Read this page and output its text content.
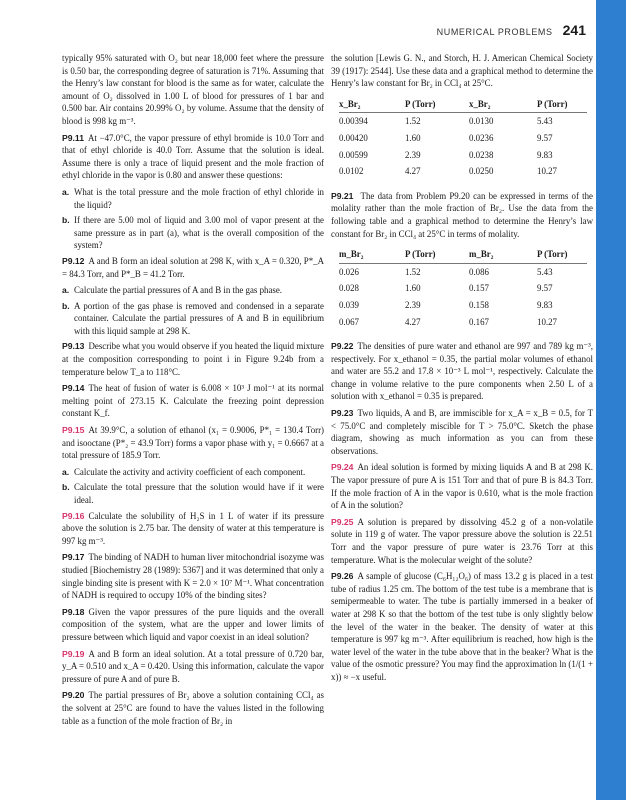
NUMERICAL PROBLEMS 241

typically 95% saturated with O₂ but near 18,000 feet where the pressure is 0.50 bar, the corresponding degree of saturation is 71%. Assuming that the Henry’s law constant for blood is the same as for water, calculate the amount of O₂ dissolved in 1.00 L of blood for pressures of 1 bar and 0.500 bar. Air contains 20.99% O₂ by volume. Assume that the density of blood is 998 kg m⁻³.

P9.11 At −47.0°C, the vapor pressure of ethyl bromide is 10.0 Torr and that of ethyl chloride is 40.0 Torr. Assume that the solution is ideal. Assume there is only a trace of liquid present and the mole fraction of ethyl chloride in the vapor is 0.80 and answer these questions:

a. What is the total pressure and the mole fraction of ethyl chloride in the liquid?
b. If there are 5.00 mol of liquid and 3.00 mol of vapor present at the same pressure as in part (a), what is the overall composition of the system?

P9.12 A and B form an ideal solution at 298 K, with x_A = 0.320, P*_A = 84.3 Torr, and P*_B = 41.2 Torr.

a. Calculate the partial pressures of A and B in the gas phase.
b. A portion of the gas phase is removed and condensed in a separate container. Calculate the partial pressures of A and B in equilibrium with this liquid sample at 298 K.

P9.13 Describe what you would observe if you heated the liquid mixture at the composition corresponding to point i in Figure 9.24b from a temperature below T_a to 118°C.

P9.14 The heat of fusion of water is 6.008 × 10³ J mol⁻¹ at its normal melting point of 273.15 K. Calculate the freezing point depression constant K_f.

P9.15 At 39.9°C, a solution of ethanol (x₁ = 0.9006, P*₁ = 130.4 Torr) and isooctane (P*₂ = 43.9 Torr) forms a vapor phase with y₁ = 0.6667 at a total pressure of 185.9 Torr.

a. Calculate the activity and activity coefficient of each component.
b. Calculate the total pressure that the solution would have if it were ideal.

P9.16 Calculate the solubility of H₂S in 1 L of water if its pressure above the solution is 2.75 bar. The density of water at this temperature is 997 kg m⁻³.

P9.17 The binding of NADH to human liver mitochondrial isozyme was studied [Biochemistry 28 (1989): 5367] and it was determined that only a single binding site is present with K = 2.0 × 10⁷ M⁻¹. What concentration of NADH is required to occupy 10% of the binding sites?

P9.18 Given the vapor pressures of the pure liquids and the overall composition of the system, what are the upper and lower limits of pressure between which liquid and vapor coexist in an ideal solution?

P9.19 A and B form an ideal solution. At a total pressure of 0.720 bar, y_A = 0.510 and x_A = 0.420. Using this information, calculate the vapor pressure of pure A and of pure B.

P9.20 The partial pressures of Br₂ above a solution containing CCl₄ as the solvent at 25°C are found to have the values listed in the following table as a function of the mole fraction of Br₂ in

the solution [Lewis G. N., and Storch, H. J. American Chemical Society 39 (1917): 2544]. Use these data and a graphical method to determine the Henry’s law constant for Br₂ in CCl₄ at 25°C.

x_Br₂	P (Torr)	x_Br₂	P (Torr)
0.00394	1.52	0.0130	5.43
0.00420	1.60	0.0236	9.57
0.00599	2.39	0.0238	9.83
0.0102	4.27	0.0250	10.27

P9.21 The data from Problem P9.20 can be expressed in terms of the molality rather than the mole fraction of Br₂. Use the data from the following table and a graphical method to determine the Henry’s law constant for Br₂ in CCl₄ at 25°C in terms of molality.

m_Br₂	P (Torr)	m_Br₂	P (Torr)
0.026	1.52	0.086	5.43
0.028	1.60	0.157	9.57
0.039	2.39	0.158	9.83
0.067	4.27	0.167	10.27

P9.22 The densities of pure water and ethanol are 997 and 789 kg m⁻³, respectively. For x_ethanol = 0.35, the partial molar volumes of ethanol and water are 55.2 and 17.8 × 10⁻³ L mol⁻¹, respectively. Calculate the change in volume relative to the pure components when 2.50 L of a solution with x_ethanol = 0.35 is prepared.

P9.23 Two liquids, A and B, are immiscible for x_A = x_B = 0.5, for T < 75.0°C and completely miscible for T > 75.0°C. Sketch the phase diagram, showing as much information as you can from these observations.

P9.24 An ideal solution is formed by mixing liquids A and B at 298 K. The vapor pressure of pure A is 151 Torr and that of pure B is 84.3 Torr. If the mole fraction of A in the vapor is 0.610, what is the mole fraction of A in the solution?

P9.25 A solution is prepared by dissolving 45.2 g of a non-volatile solute in 119 g of water. The vapor pressure above the solution is 22.51 Torr and the vapor pressure of pure water is 23.76 Torr at this temperature. What is the molecular weight of the solute?

P9.26 A sample of glucose (C₆H₁₂O₆) of mass 13.2 g is placed in a test tube of radius 1.25 cm. The bottom of the test tube is a membrane that is semipermeable to water. The tube is partially immersed in a beaker of water at 298 K so that the bottom of the test tube is only slightly below the level of the water in the beaker. The density of water at this temperature is 997 kg m⁻³. After equilibrium is reached, how high is the water level of the water in the tube above that in the beaker? What is the value of the osmotic pressure? You may find the approximation ln (1/(1 + x)) ≈ −x useful.
